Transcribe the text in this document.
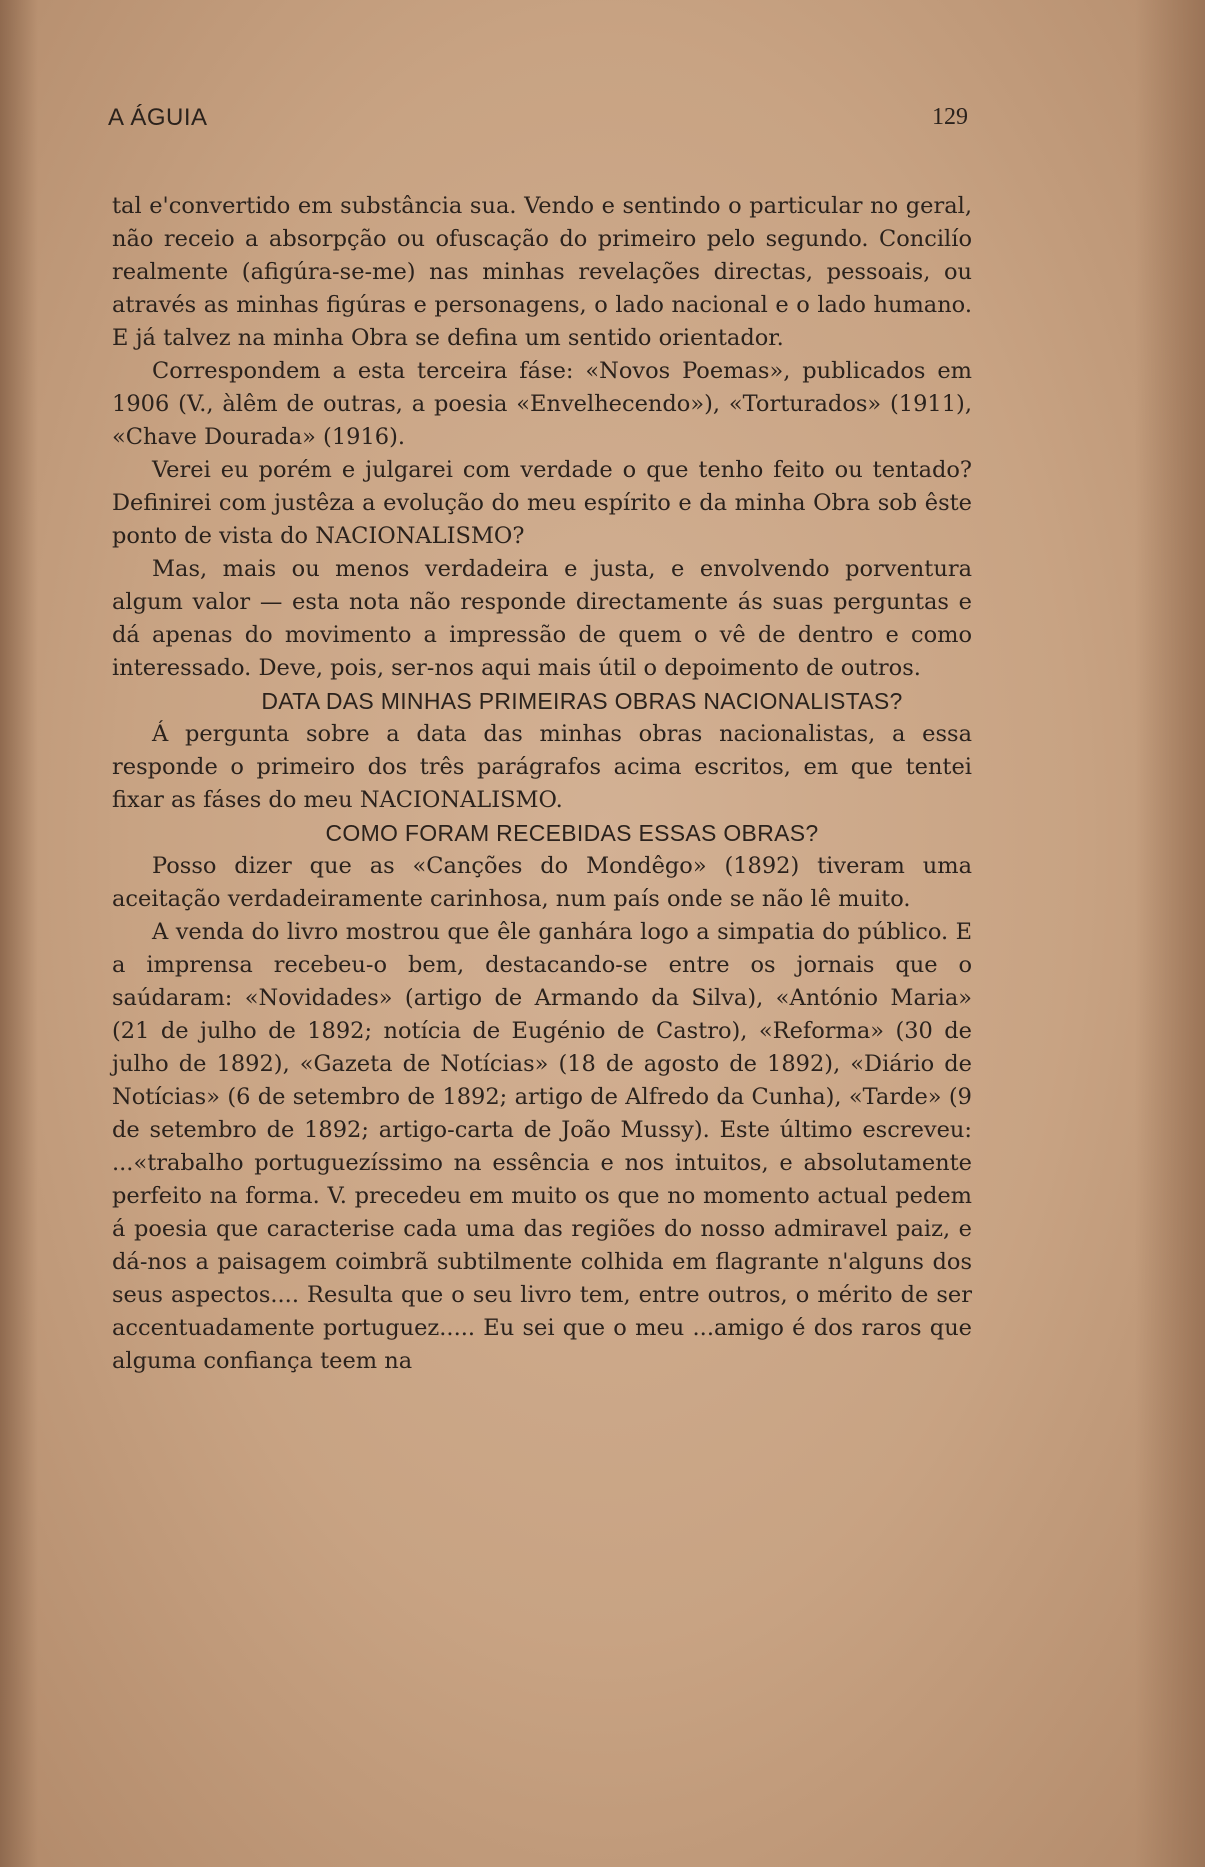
A ÁGUIA	129

tal e'convertido em substância sua. Vendo e sentindo o particular no geral, não receio a absorpção ou ofuscação do primeiro pelo segundo. Concilío realmente (afigúra-se-me) nas minhas revelações directas, pessoais, ou através as minhas figúras e personagens, o lado nacional e o lado humano. E já talvez na minha Obra se defina um sentido orientador.

Correspondem a esta terceira fáse: «Novos Poemas», publicados em 1906 (V., àlêm de outras, a poesia «Envelhecendo»), «Torturados» (1911), «Chave Dourada» (1916).

Verei eu porém e julgarei com verdade o que tenho feito ou tentado? Definirei com justêza a evolução do meu espírito e da minha Obra sob êste ponto de vista do NACIONALISMO?

Mas, mais ou menos verdadeira e justa, e envolvendo porventura algum valor — esta nota não responde directamente ás suas perguntas e dá apenas do movimento a impressão de quem o vê de dentro e como interessado. Deve, pois, ser-nos aqui mais útil o depoimento de outros.

DATA DAS MINHAS PRIMEIRAS OBRAS NACIONALISTAS?

Á pergunta sobre a data das minhas obras nacionalistas, a essa responde o primeiro dos três parágrafos acima escritos, em que tentei fixar as fáses do meu NACIONALISMO.

COMO FORAM RECEBIDAS ESSAS OBRAS?

Posso dizer que as «Canções do Mondêgo» (1892) tiveram uma aceitação verdadeiramente carinhosa, num país onde se não lê muito.

A venda do livro mostrou que êle ganhára logo a simpatia do público. E a imprensa recebeu-o bem, destacando-se entre os jornais que o saúdaram: «Novidades» (artigo de Armando da Silva), «António Maria» (21 de julho de 1892; notícia de Eugénio de Castro), «Reforma» (30 de julho de 1892), «Gazeta de Notícias» (18 de agosto de 1892), «Diário de Notícias» (6 de setembro de 1892; artigo de Alfredo da Cunha), «Tarde» (9 de setembro de 1892; artigo-carta de João Mussy). Este último escreveu: ...«trabalho portuguezíssimo na essência e nos intuitos, e absolutamente perfeito na forma. V. precedeu em muito os que no momento actual pedem á poesia que caracterise cada uma das regiões do nosso admiravel paiz, e dá-nos a paisagem coimbrã subtilmente colhida em flagrante n'alguns dos seus aspectos.... Resulta que o seu livro tem, entre outros, o mérito de ser accentuadamente portuguez..... Eu sei que o meu ...amigo é dos raros que alguma confiança teem na
